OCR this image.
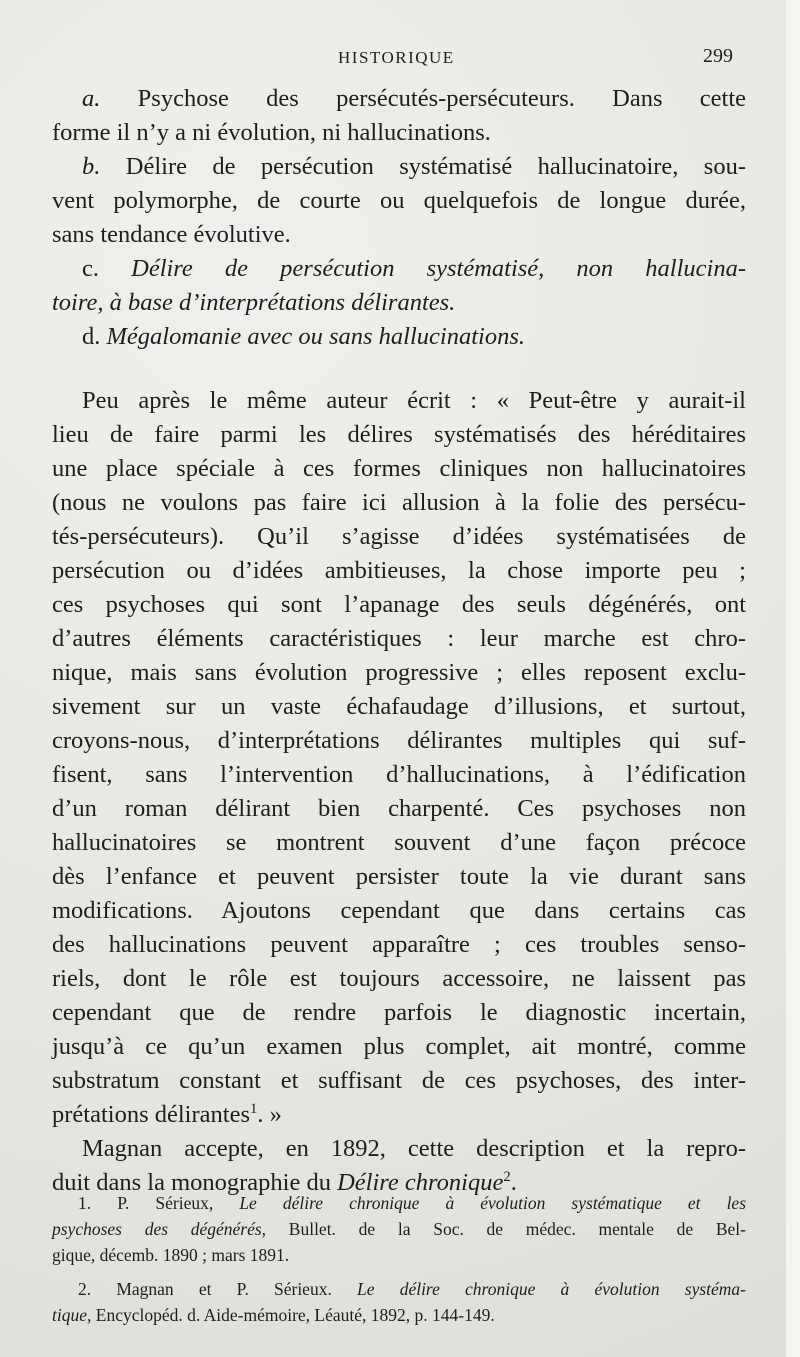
HISTORIQUE	299
a. Psychose des persécutés-persécuteurs. Dans cette
forme il n’y a ni évolution, ni hallucinations.
b. Délire de persécution systématisé hallucinatoire, sou-
vent polymorphe, de courte ou quelquefois de longue durée,
sans tendance évolutive.
c. Délire de persécution systématisé, non hallucina-
toire, à base d’interprétations délirantes.
d. Mégalomanie avec ou sans hallucinations.
Peu après le même auteur écrit : « Peut-être y aurait-il
lieu de faire parmi les délires systématisés des héréditaires
une place spéciale à ces formes cliniques non hallucinatoires
(nous ne voulons pas faire ici allusion à la folie des persécu-
tés-persécuteurs). Qu’il s’agisse d’idées systématisées de
persécution ou d’idées ambitieuses, la chose importe peu ;
ces psychoses qui sont l’apanage des seuls dégénérés, ont
d’autres éléments caractéristiques : leur marche est chro-
nique, mais sans évolution progressive ; elles reposent exclu-
sivement sur un vaste échafaudage d’illusions, et surtout,
croyons-nous, d’interprétations délirantes multiples qui suf-
fisent, sans l’intervention d’hallucinations, à l’édification
d’un roman délirant bien charpenté. Ces psychoses non
hallucinatoires se montrent souvent d’une façon précoce
dès l’enfance et peuvent persister toute la vie durant sans
modifications. Ajoutons cependant que dans certains cas
des hallucinations peuvent apparaître ; ces troubles senso-
riels, dont le rôle est toujours accessoire, ne laissent pas
cependant que de rendre parfois le diagnostic incertain,
jusqu’à ce qu’un examen plus complet, ait montré, comme
substratum constant et suffisant de ces psychoses, des inter-
prétations délirantes$^1$. »
Magnan accepte, en 1892, cette description et la repro-
duit dans la monographie du Délire chronique$^2$.
1. P. Sérieux, Le délire chronique à évolution systématique et les
psychoses des dégénérés, Bullet. de la Soc. de médec. mentale de Bel-
gique, décemb. 1890 ; mars 1891.
2. Magnan et P. Sérieux. Le délire chronique à évolution systéma-
tique, Encyclopéd. d. Aide-mémoire, Léauté, 1892, p. 144-149.
